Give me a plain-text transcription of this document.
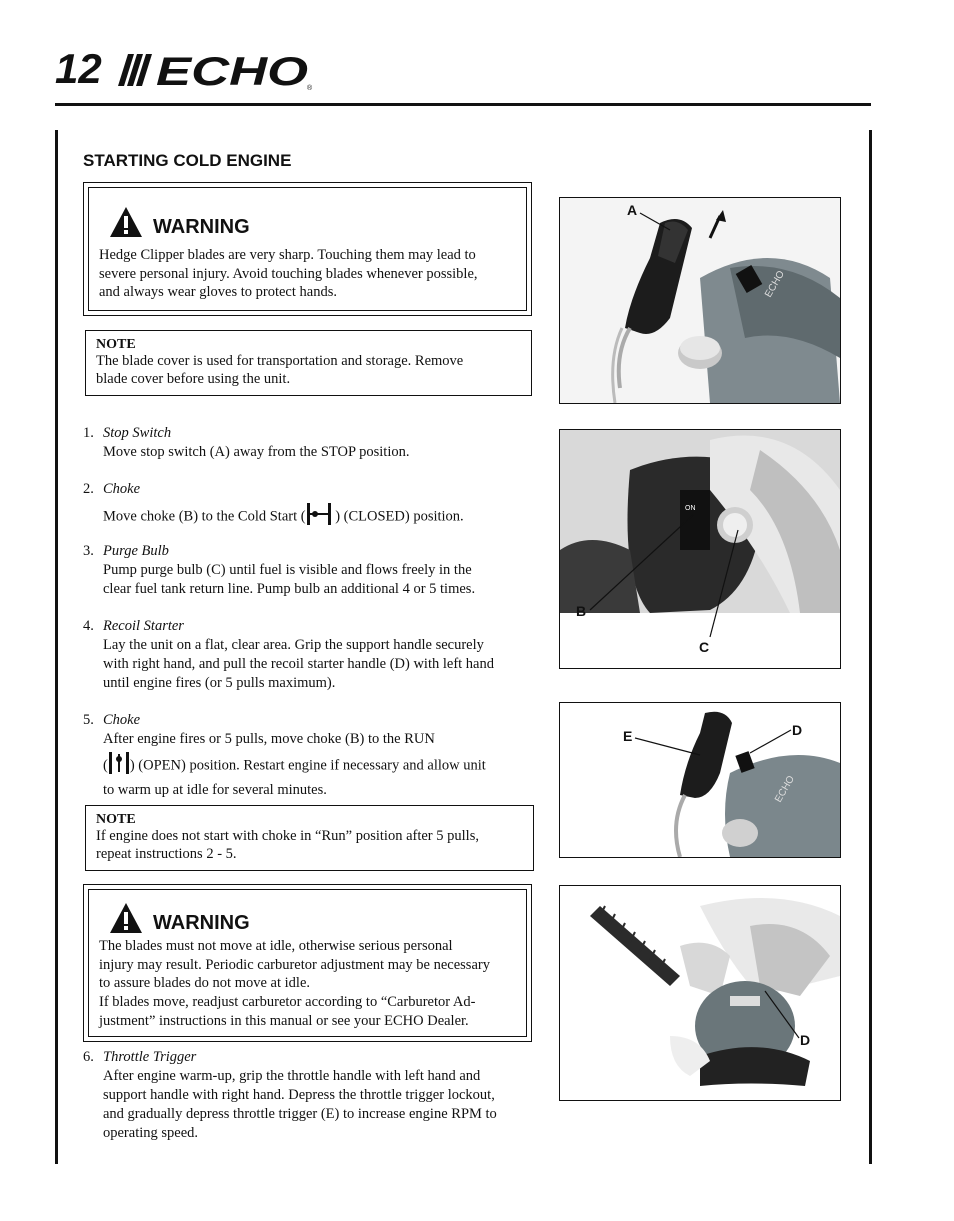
12 ECHO ®
STARTING COLD ENGINE
WARNING
Hedge Clipper blades are very sharp. Touching them may lead to
severe personal injury. Avoid touching blades whenever possible,
and always wear gloves to protect hands.
NOTE
The blade cover is used for transportation and storage. Remove
blade cover before using the unit.
1. Stop Switch
Move stop switch (A) away from the STOP position.
2. Choke
Move choke (B) to the Cold Start ( ) (CLOSED) position.
3. Purge Bulb
Pump purge bulb (C) until fuel is visible and flows freely in the
clear fuel tank return line. Pump bulb an additional 4 or 5 times.
4. Recoil Starter
Lay the unit on a flat, clear area. Grip the support handle securely
with right hand, and pull the recoil starter handle (D) with left hand
until engine fires (or 5 pulls maximum).
5. Choke
After engine fires or 5 pulls, move choke (B) to the RUN
( ) (OPEN) position. Restart engine if necessary and allow unit
to warm up at idle for several minutes.
NOTE
If engine does not start with choke in “Run” position after 5 pulls,
repeat instructions 2 - 5.
WARNING
The blades must not move at idle, otherwise serious personal
injury may result. Periodic carburetor adjustment may be necessary
to assure blades do not move at idle.
If blades move, readjust carburetor according to “Carburetor Ad-
justment” instructions in this manual or see your ECHO Dealer.
6. Throttle Trigger
After engine warm-up, grip the throttle handle with left hand and
support handle with right hand. Depress the throttle trigger lockout,
and gradually depress throttle trigger (E) to increase engine RPM to
operating speed.
ECHO
A
ON
B
C
ECHO
E	D
D
